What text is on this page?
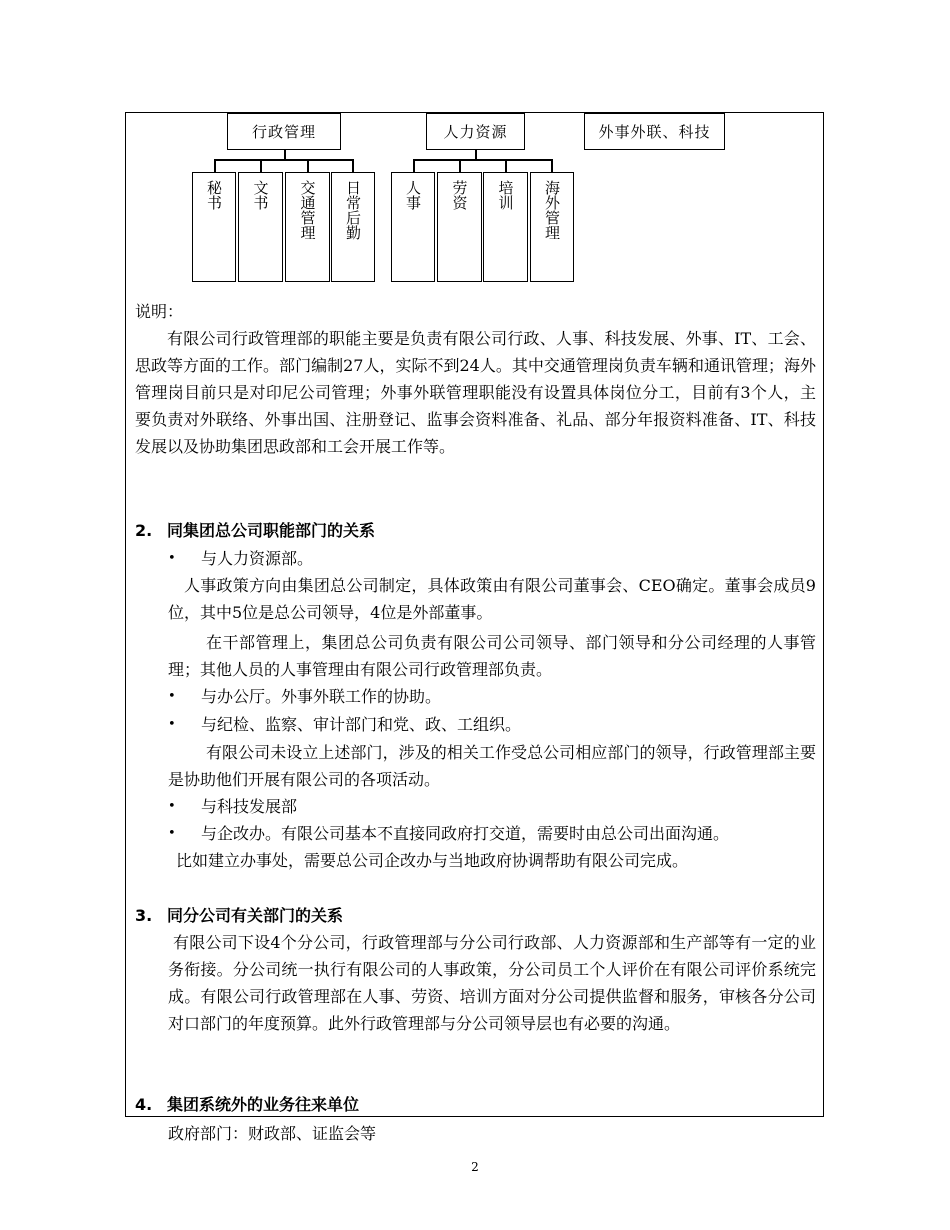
行政管理	人力资源	外事外联、科技
秘书	文书	交通管理	日常后勤	人事	劳资	培训	海外管理
说明：
有限公司行政管理部的职能主要是负责有限公司行政、人事、科技发展、外事、IT、工会、思政等方面的工作。部门编制27人，实际不到24人。其中交通管理岗负责车辆和通讯管理；海外管理岗目前只是对印尼公司管理；外事外联管理职能没有设置具体岗位分工，目前有3个人，主要负责对外联络、外事出国、注册登记、监事会资料准备、礼品、部分年报资料准备、IT、科技发展以及协助集团思政部和工会开展工作等。
2. 同集团总公司职能部门的关系
• 与人力资源部。
人事政策方向由集团总公司制定，具体政策由有限公司董事会、CEO确定。董事会成员9位，其中5位是总公司领导，4位是外部董事。
在干部管理上，集团总公司负责有限公司公司领导、部门领导和分公司经理的人事管理；其他人员的人事管理由有限公司行政管理部负责。
• 与办公厅。外事外联工作的协助。
• 与纪检、监察、审计部门和党、政、工组织。
有限公司未设立上述部门，涉及的相关工作受总公司相应部门的领导，行政管理部主要是协助他们开展有限公司的各项活动。
• 与科技发展部
• 与企改办。有限公司基本不直接同政府打交道，需要时由总公司出面沟通。
比如建立办事处，需要总公司企改办与当地政府协调帮助有限公司完成。
3. 同分公司有关部门的关系
有限公司下设4个分公司，行政管理部与分公司行政部、人力资源部和生产部等有一定的业务衔接。分公司统一执行有限公司的人事政策，分公司员工个人评价在有限公司评价系统完成。有限公司行政管理部在人事、劳资、培训方面对分公司提供监督和服务，审核各分公司对口部门的年度预算。此外行政管理部与分公司领导层也有必要的沟通。
4. 集团系统外的业务往来单位
政府部门：财政部、证监会等
2
